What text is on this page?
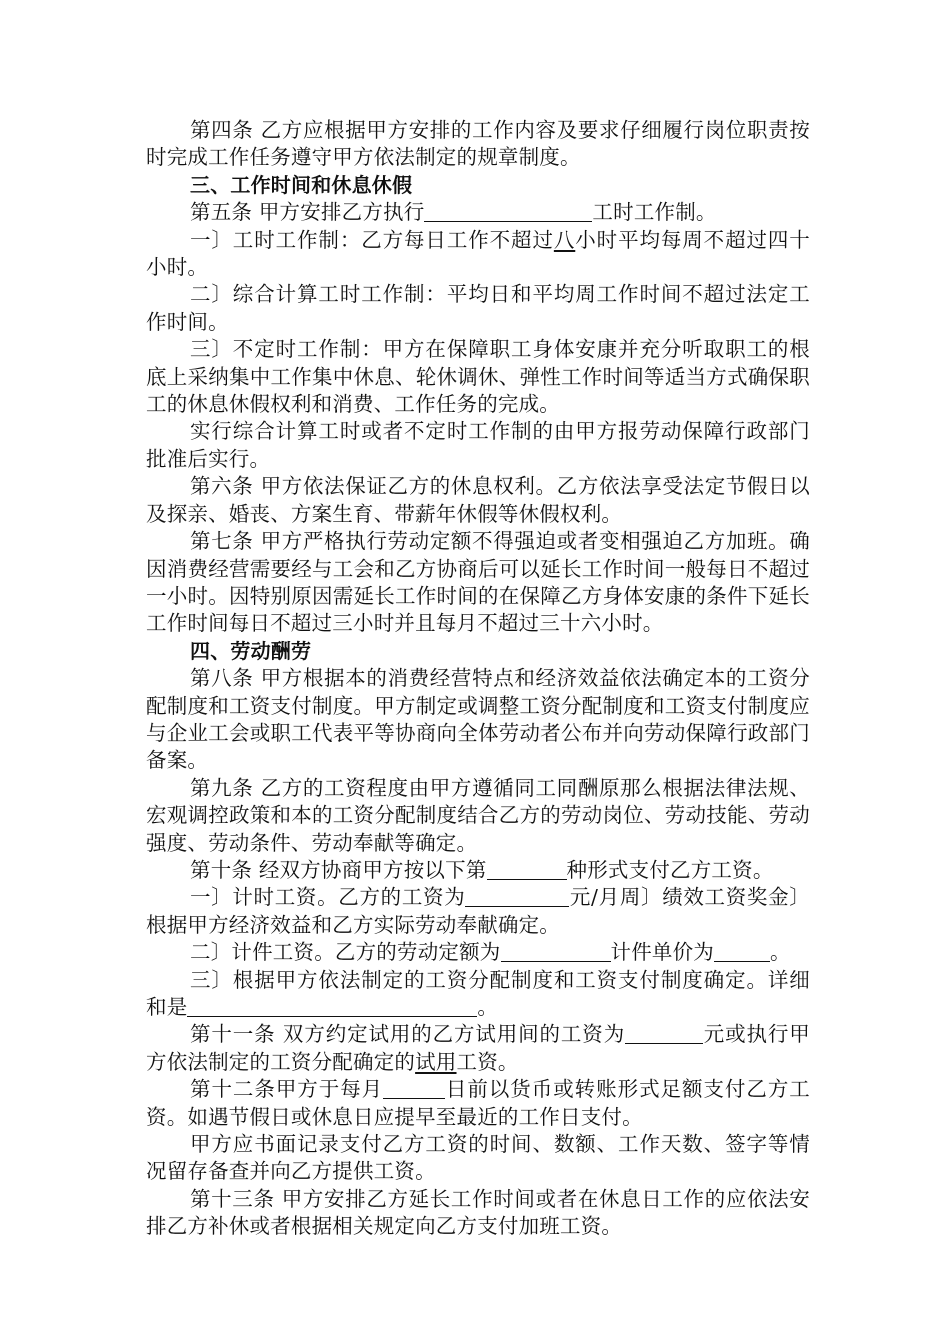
第四条 乙方应根据甲方安排的工作内容及要求仔细履行岗位职责按时完成工作任务遵守甲方依法制定的规章制度。

三、工作时间和休息休假

第五条 甲方安排乙方执行	工时工作制。

一〕工时工作制：乙方每日工作不超过八小时平均每周不超过四十小时。

二〕综合计算工时工作制：平均日和平均周工作时间不超过法定工作时间。

三〕不定时工作制：甲方在保障职工身体安康并充分听取职工的根底上采纳集中工作集中休息、轮休调休、弹性工作时间等适当方式确保职工的休息休假权利和消费、工作任务的完成。

实行综合计算工时或者不定时工作制的由甲方报劳动保障行政部门批准后实行。

第六条 甲方依法保证乙方的休息权利。乙方依法享受法定节假日以及探亲、婚丧、方案生育、带薪年休假等休假权利。

第七条 甲方严格执行劳动定额不得强迫或者变相强迫乙方加班。确因消费经营需要经与工会和乙方协商后可以延长工作时间一般每日不超过一小时。因特别原因需延长工作时间的在保障乙方身体安康的条件下延长工作时间每日不超过三小时并且每月不超过三十六小时。

四、劳动酬劳

第八条 甲方根据本的消费经营特点和经济效益依法确定本的工资分配制度和工资支付制度。甲方制定或调整工资分配制度和工资支付制度应与企业工会或职工代表平等协商向全体劳动者公布并向劳动保障行政部门备案。

第九条 乙方的工资程度由甲方遵循同工同酬原那么根据法律法规、宏观调控政策和本的工资分配制度结合乙方的劳动岗位、劳动技能、劳动强度、劳动条件、劳动奉献等确定。

第十条 经双方协商甲方按以下第	种形式支付乙方工资。

一〕计时工资。乙方的工资为	元/月周〕绩效工资奖金〕根据甲方经济效益和乙方实际劳动奉献确定。

二〕计件工资。乙方的劳动定额为	计件单价为	。

三〕根据甲方依法制定的工资分配制度和工资支付制度确定。详细和是	。

第十一条 双方约定试用的乙方试用间的工资为	元或执行甲方依法制定的工资分配确定的试用工资。

第十二条甲方于每月	日前以货币或转账形式足额支付乙方工资。如遇节假日或休息日应提早至最近的工作日支付。

甲方应书面记录支付乙方工资的时间、数额、工作天数、签字等情况留存备查并向乙方提供工资。

第十三条 甲方安排乙方延长工作时间或者在休息日工作的应依法安排乙方补休或者根据相关规定向乙方支付加班工资。
